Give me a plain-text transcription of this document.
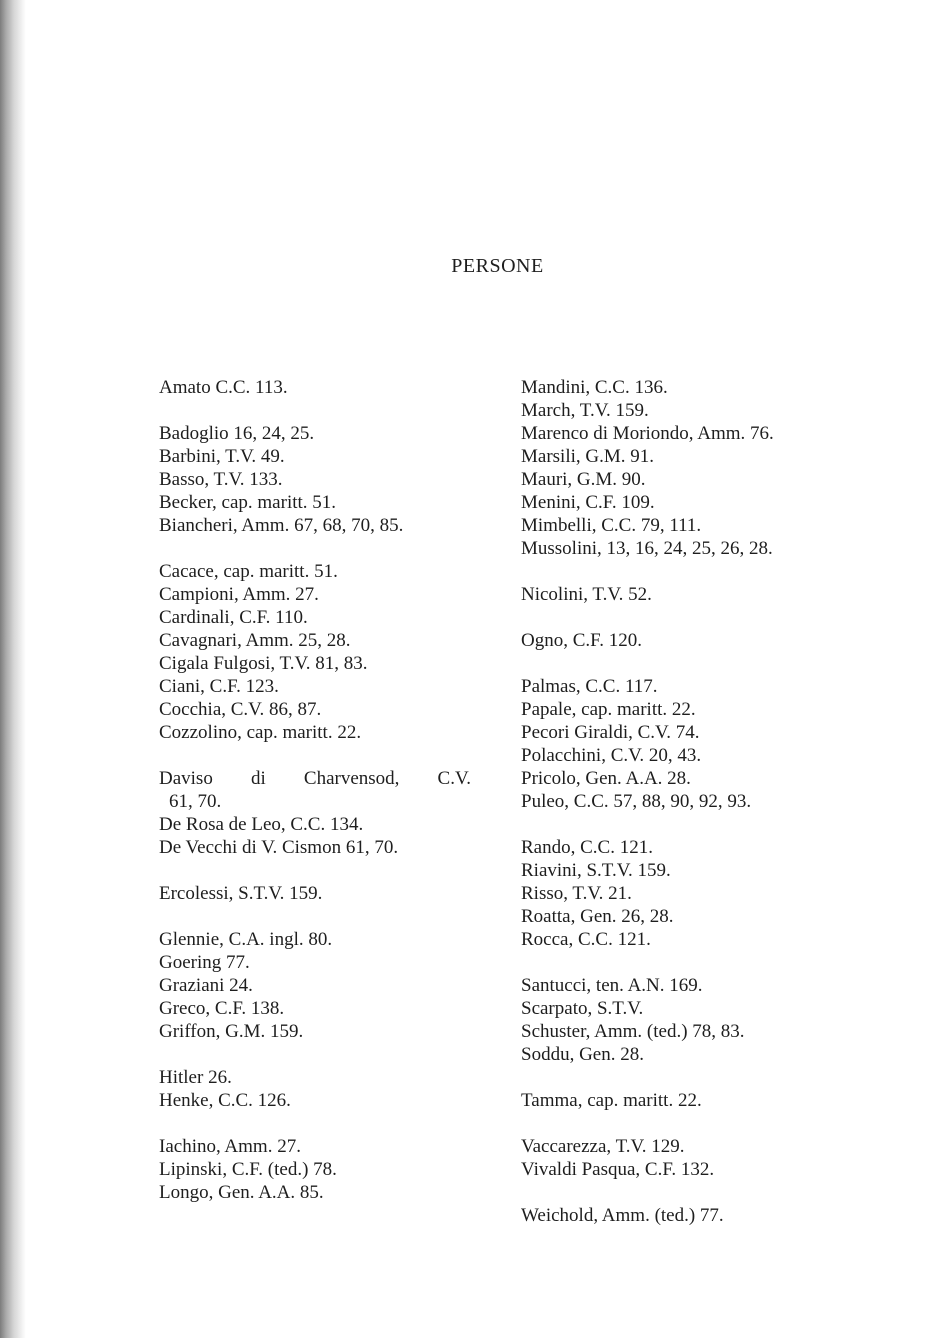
PERSONE
Amato C.C. 113.
Badoglio 16, 24, 25.
Barbini, T.V. 49.
Basso, T.V. 133.
Becker, cap. maritt. 51.
Biancheri, Amm. 67, 68, 70, 85.
Cacace, cap. maritt. 51.
Campioni, Amm. 27.
Cardinali, C.F. 110.
Cavagnari, Amm. 25, 28.
Cigala Fulgosi, T.V. 81, 83.
Ciani, C.F. 123.
Cocchia, C.V. 86, 87.
Cozzolino, cap. maritt. 22.
Daviso di Charvensod, C.V.
61, 70.
De Rosa de Leo, C.C. 134.
De Vecchi di V. Cismon 61, 70.
Ercolessi, S.T.V. 159.
Glennie, C.A. ingl. 80.
Goering 77.
Graziani 24.
Greco, C.F. 138.
Griffon, G.M. 159.
Hitler 26.
Henke, C.C. 126.
Iachino, Amm. 27.
Lipinski, C.F. (ted.) 78.
Longo, Gen. A.A. 85.
Mandini, C.C. 136.
March, T.V. 159.
Marenco di Moriondo, Amm. 76.
Marsili, G.M. 91.
Mauri, G.M. 90.
Menini, C.F. 109.
Mimbelli, C.C. 79, 111.
Mussolini, 13, 16, 24, 25, 26, 28.
Nicolini, T.V. 52.
Ogno, C.F. 120.
Palmas, C.C. 117.
Papale, cap. maritt. 22.
Pecori Giraldi, C.V. 74.
Polacchini, C.V. 20, 43.
Pricolo, Gen. A.A. 28.
Puleo, C.C. 57, 88, 90, 92, 93.
Rando, C.C. 121.
Riavini, S.T.V. 159.
Risso, T.V. 21.
Roatta, Gen. 26, 28.
Rocca, C.C. 121.
Santucci, ten. A.N. 169.
Scarpato, S.T.V.
Schuster, Amm. (ted.) 78, 83.
Soddu, Gen. 28.
Tamma, cap. maritt. 22.
Vaccarezza, T.V. 129.
Vivaldi Pasqua, C.F. 132.
Weichold, Amm. (ted.) 77.
